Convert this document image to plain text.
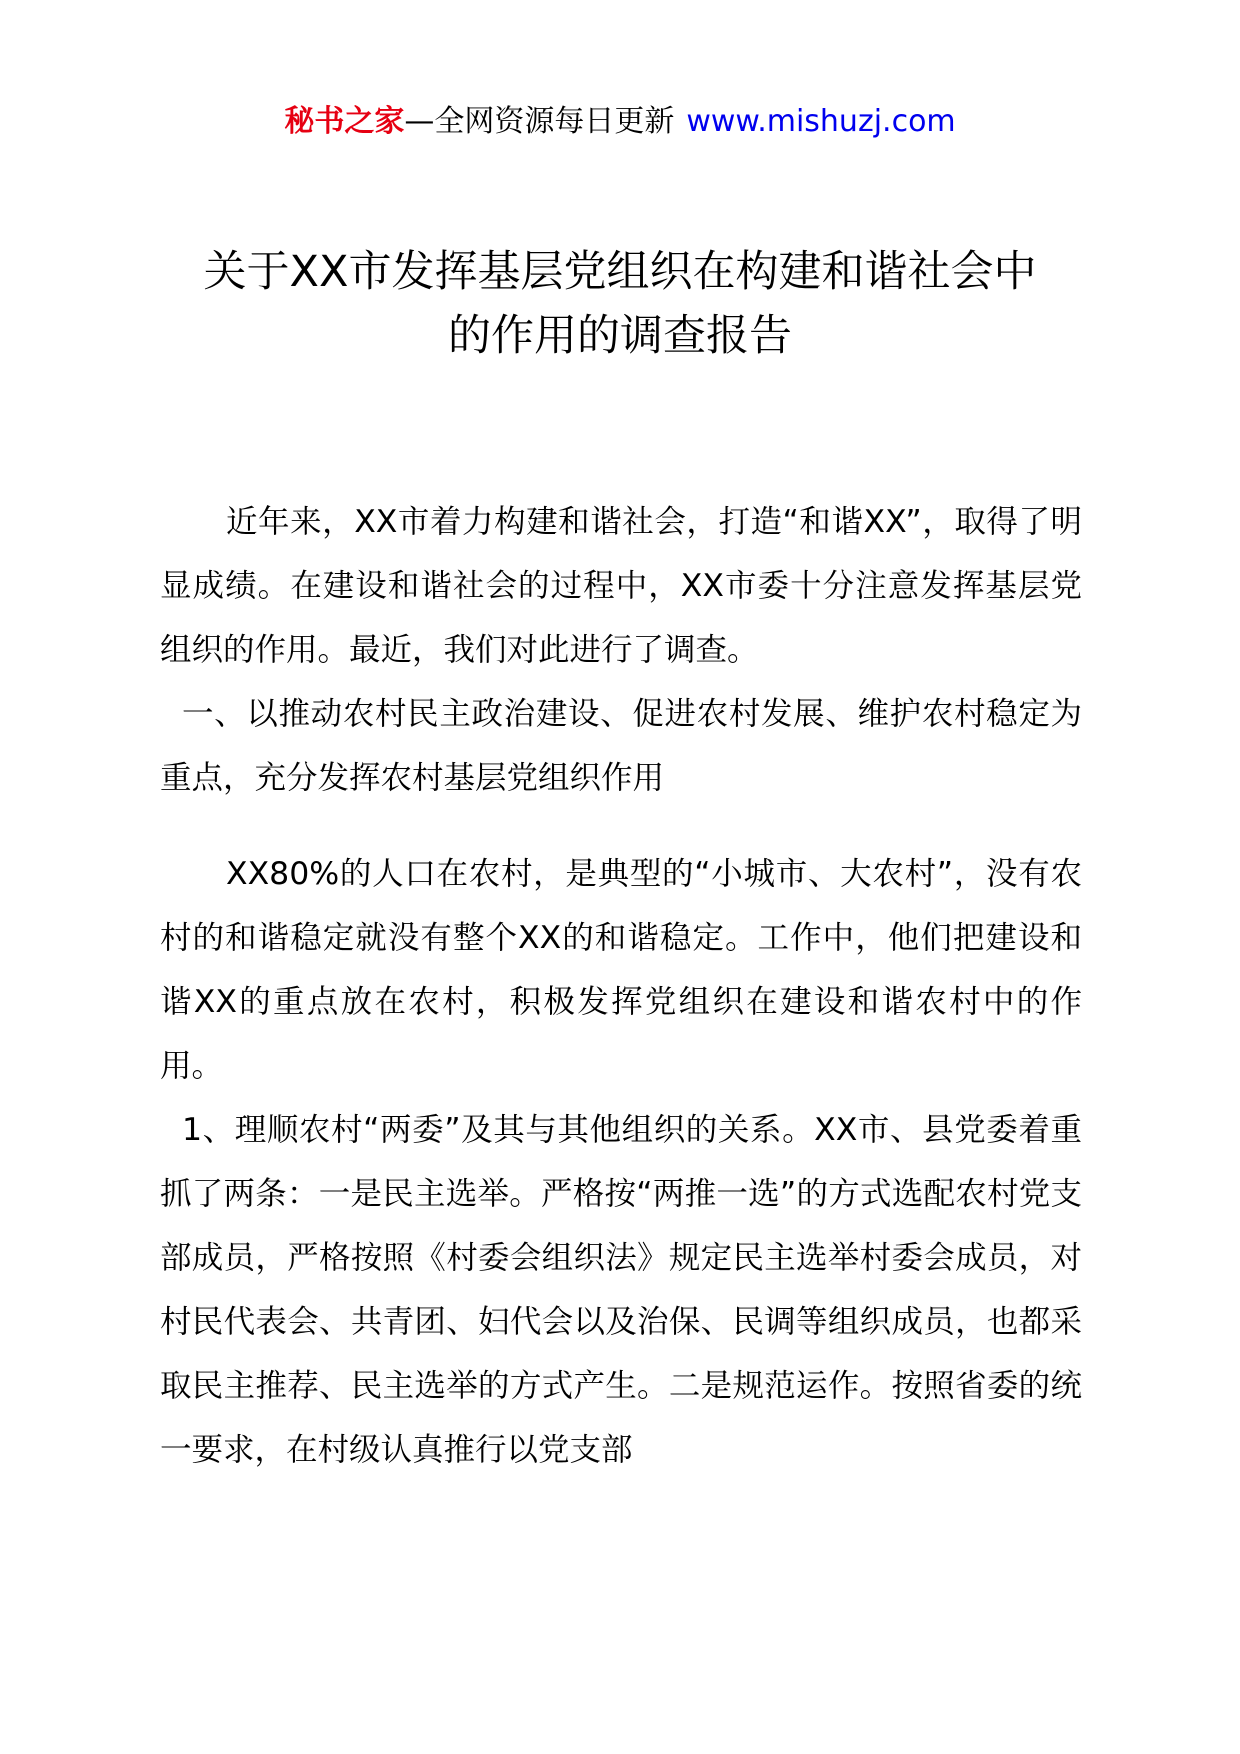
秘书之家—全网资源每日更新 www.mishuzj.com
关于XX市发挥基层党组织在构建和谐社会中
的作用的调查报告

近年来，XX市着力构建和谐社会，打造“和谐XX”，取得了明显成绩。在建设和谐社会的过程中，XX市委十分注意发挥基层党组织的作用。最近，我们对此进行了调查。

一、以推动农村民主政治建设、促进农村发展、维护农村稳定为重点，充分发挥农村基层党组织作用

XX80%的人口在农村，是典型的“小城市、大农村”，没有农村的和谐稳定就没有整个XX的和谐稳定。工作中，他们把建设和谐XX的重点放在农村，积极发挥党组织在建设和谐农村中的作用。

1、理顺农村“两委”及其与其他组织的关系。XX市、县党委着重抓了两条：一是民主选举。严格按“两推一选”的方式选配农村党支部成员，严格按照《村委会组织法》规定民主选举村委会成员，对村民代表会、共青团、妇代会以及治保、民调等组织成员，也都采取民主推荐、民主选举的方式产生。二是规范运作。按照省委的统一要求，在村级认真推行以党支部
